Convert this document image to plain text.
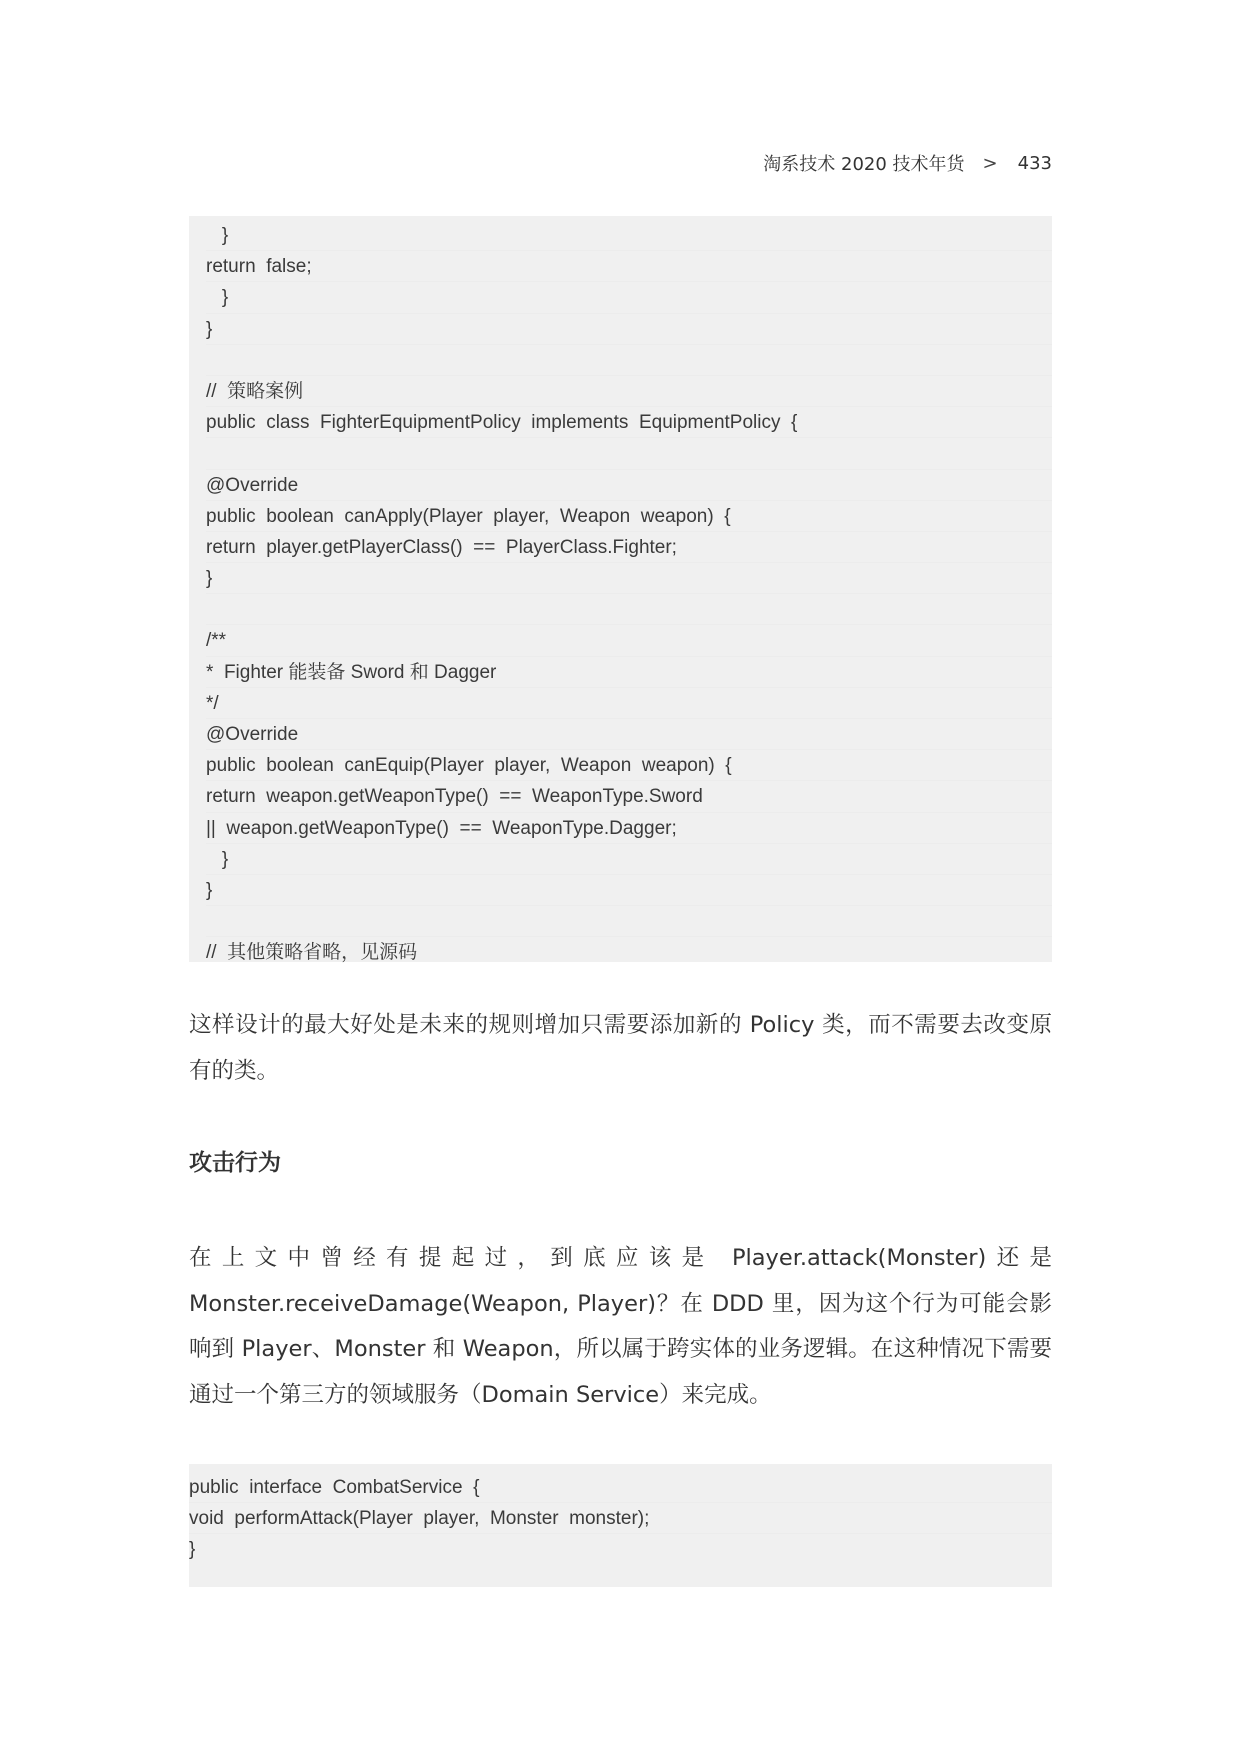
淘系技术 2020 技术年货 > 433
}
return  false;
}
}
//  策略案例
public  class  FighterEquipmentPolicy  implements  EquipmentPolicy  {
@Override
public  boolean  canApply(Player  player,  Weapon  weapon)  {
return  player.getPlayerClass()  ==  PlayerClass.Fighter;
}
/**
*  Fighter 能装备 Sword 和 Dagger
*/
@Override
public  boolean  canEquip(Player  player,  Weapon  weapon)  {
return  weapon.getWeaponType()  ==  WeaponType.Sword
||  weapon.getWeaponType()  ==  WeaponType.Dagger;
}
}
//  其他策略省略，见源码
这样设计的最大好处是未来的规则增加只需要添加新的 Policy 类，而不需要去改变原有的类。
攻击行为
在上文中曾经有提起过，到底应该是 Player.attack(Monster)还是 Monster.receiveDamage(Weapon, Player)？在 DDD 里，因为这个行为可能会影响到 Player、Monster 和 Weapon，所以属于跨实体的业务逻辑。在这种情况下需要通过一个第三方的领域服务（Domain Service）来完成。
public  interface  CombatService  {
void  performAttack(Player  player,  Monster  monster);
}
